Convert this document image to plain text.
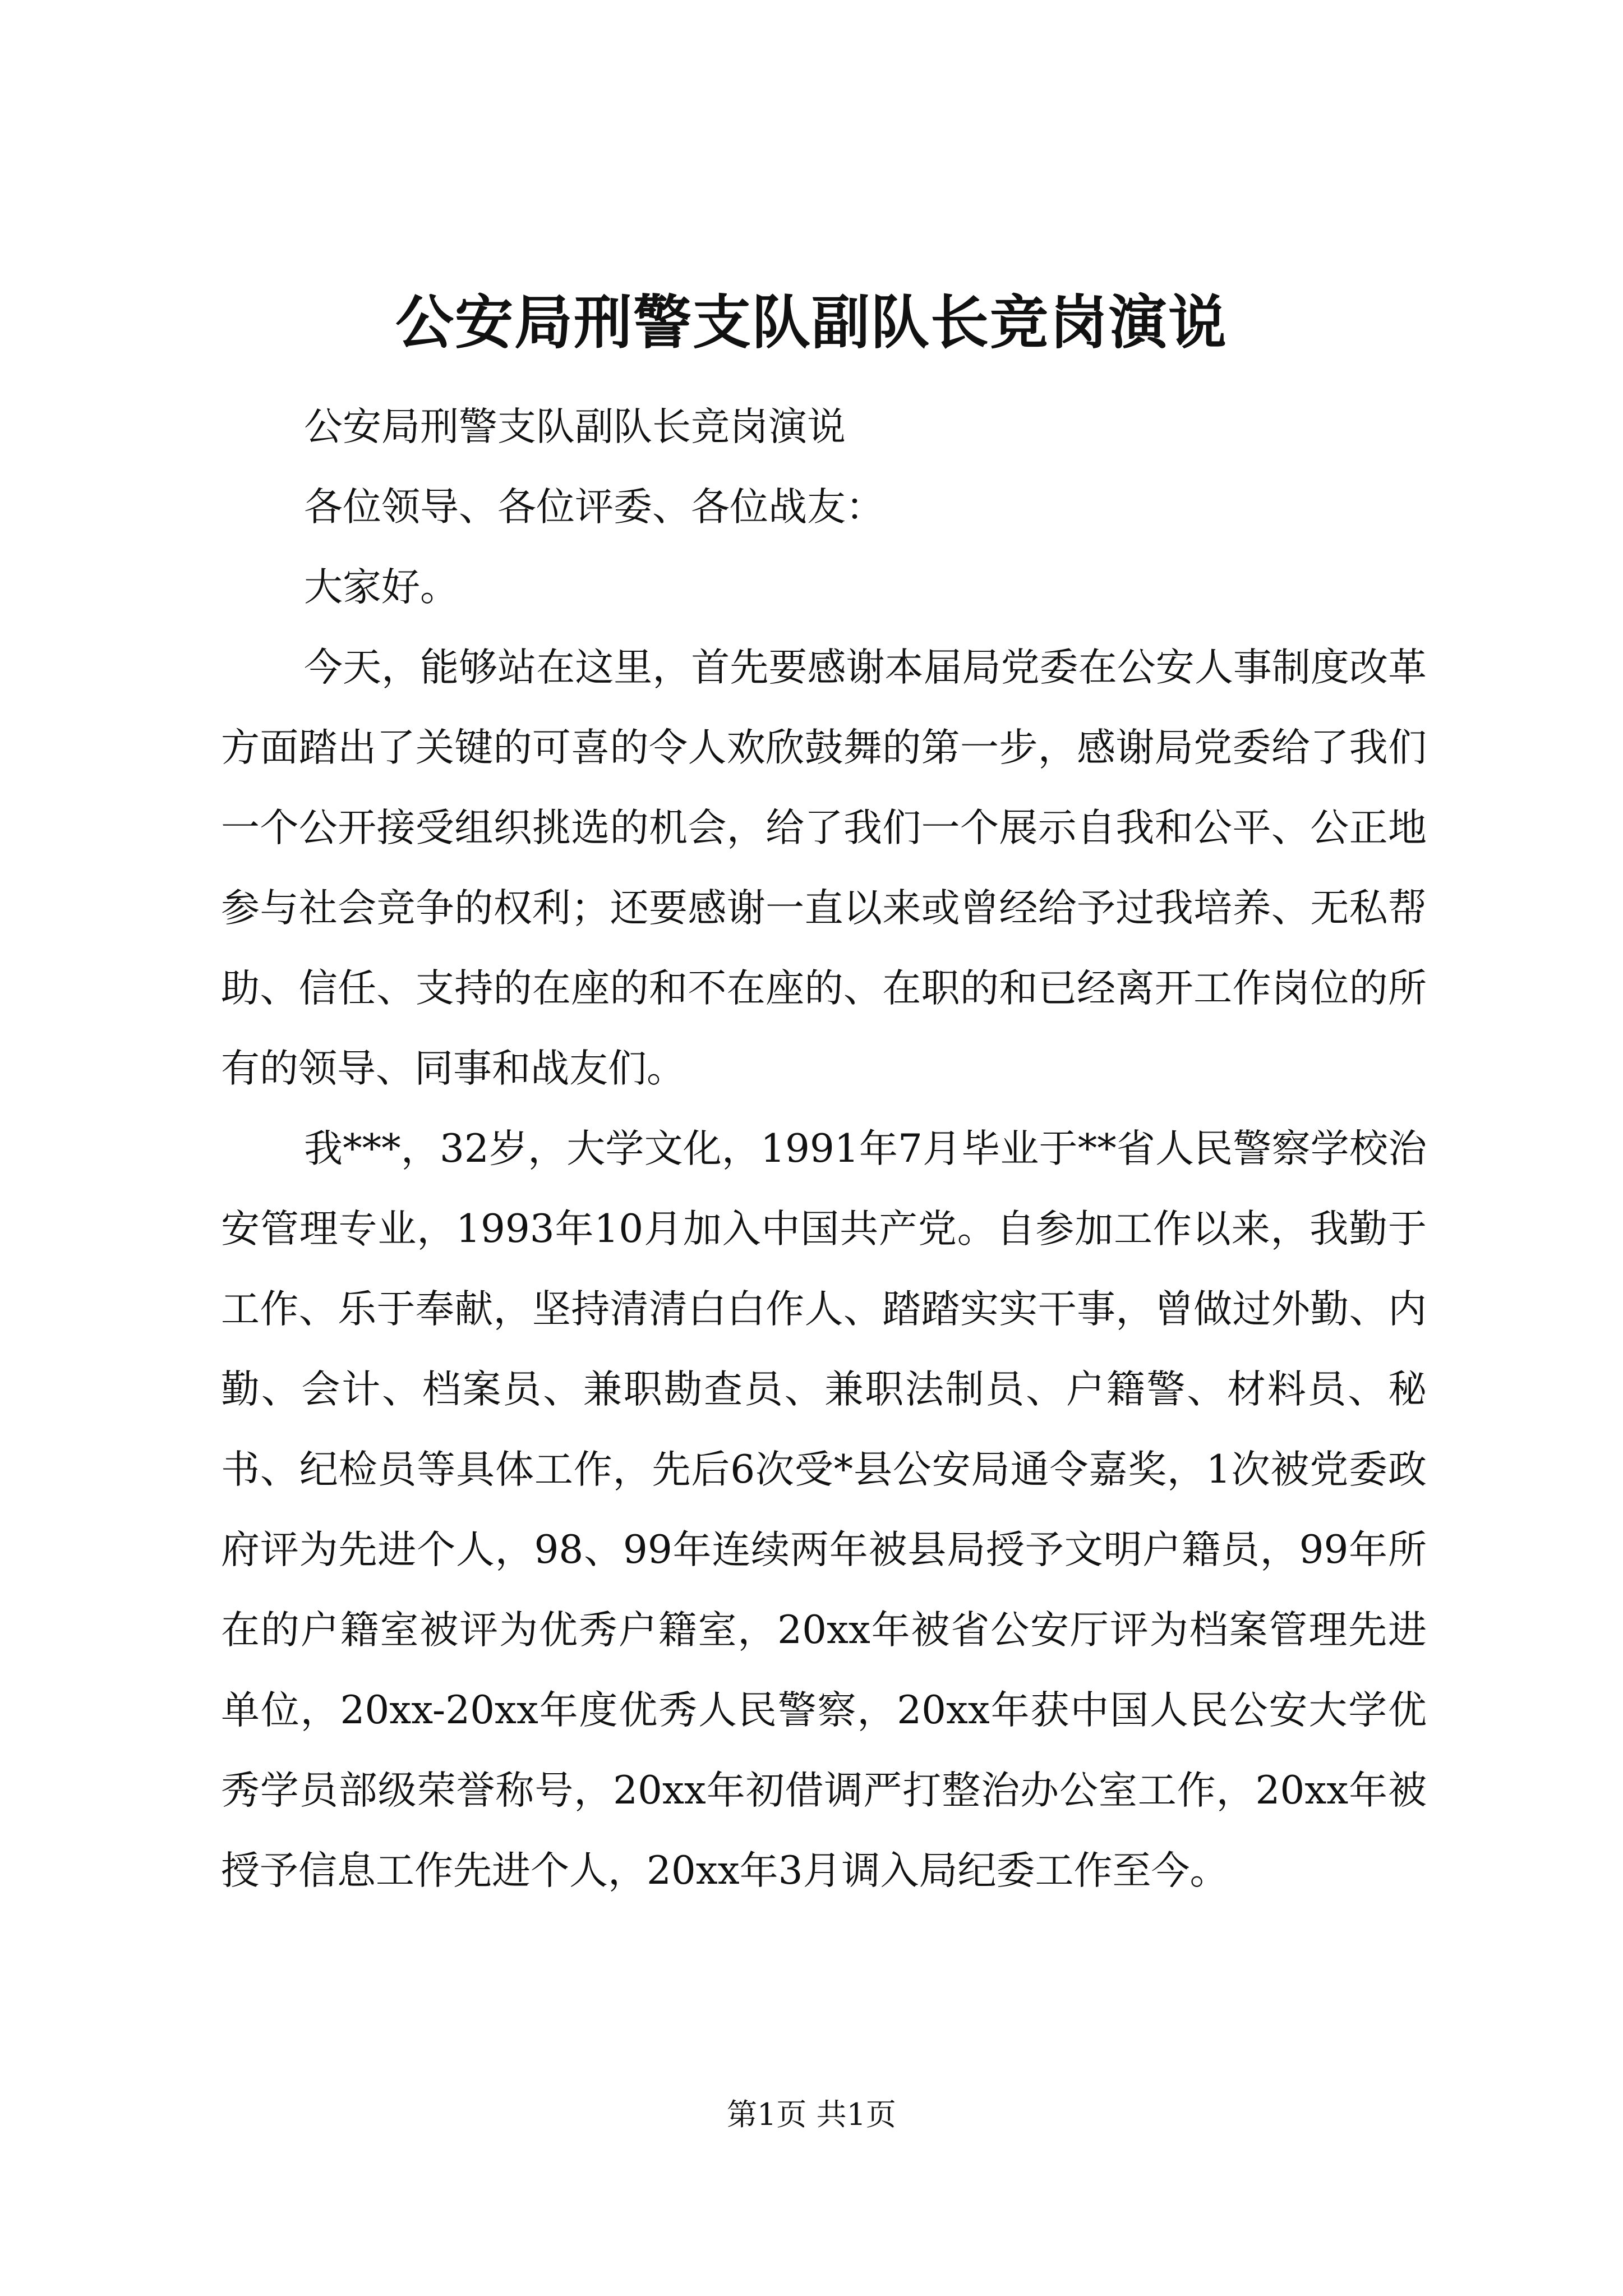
公安局刑警支队副队长竞岗演说

公安局刑警支队副队长竞岗演说

各位领导、各位评委、各位战友：

大家好。

今天，能够站在这里，首先要感谢本届局党委在公安人事制度改革方面踏出了关键的可喜的令人欢欣鼓舞的第一步，感谢局党委给了我们一个公开接受组织挑选的机会，给了我们一个展示自我和公平、公正地参与社会竞争的权利；还要感谢一直以来或曾经给予过我培养、无私帮助、信任、支持的在座的和不在座的、在职的和已经离开工作岗位的所有的领导、同事和战友们。

我***，32岁，大学文化，1991年7月毕业于**省人民警察学校治安管理专业，1993年10月加入中国共产党。自参加工作以来，我勤于工作、乐于奉献，坚持清清白白作人、踏踏实实干事，曾做过外勤、内勤、会计、档案员、兼职勘查员、兼职法制员、户籍警、材料员、秘书、纪检员等具体工作，先后6次受*县公安局通令嘉奖，1次被党委政府评为先进个人，98、99年连续两年被县局授予文明户籍员，99年所在的户籍室被评为优秀户籍室，20xx年被省公安厅评为档案管理先进单位，20xx-20xx年度优秀人民警察，20xx年获中国人民公安大学优秀学员部级荣誉称号，20xx年初借调严打整治办公室工作，20xx年被授予信息工作先进个人，20xx年3月调入局纪委工作至今。

第1页 共1页
